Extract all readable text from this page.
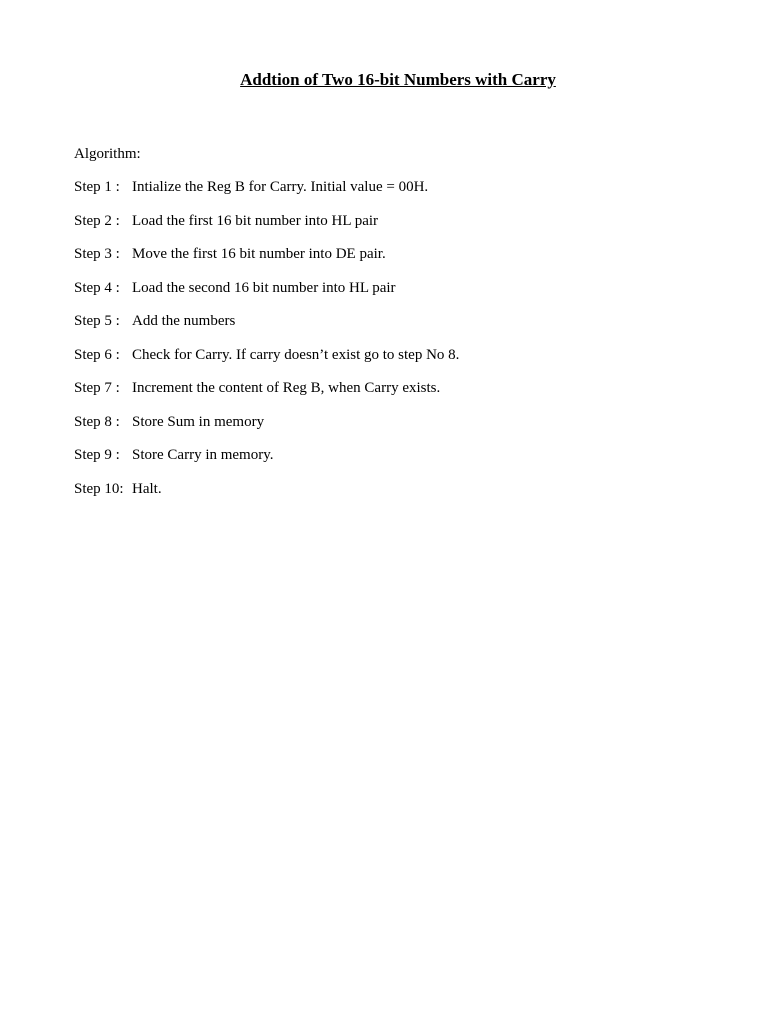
Addtion of Two 16-bit Numbers with Carry

Algorithm:

Step 1 : Intialize the Reg B for Carry. Initial value = 00H.
Step 2 : Load the first 16 bit number into HL pair
Step 3 : Move the first 16 bit number into DE pair.
Step 4 : Load the second 16 bit number into HL pair
Step 5 : Add the numbers
Step 6 : Check for Carry. If carry doesn’t exist go to step No 8.
Step 7 : Increment the content of Reg B, when Carry exists.
Step 8 : Store Sum in memory
Step 9 : Store Carry in memory.
Step 10: Halt.
